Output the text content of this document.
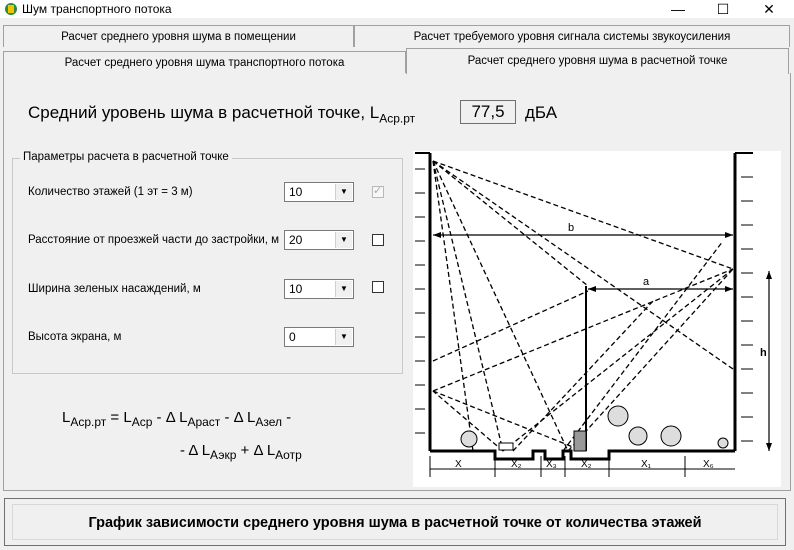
Шум транспортного потока	—	☐	✕
Расчет среднего уровня шума в помещении	Расчет требуемого уровня сигнала системы звукоусиления
Расчет среднего уровня шума транспортного потока	Расчет среднего уровня шума в расчетной точке
Средний уровень шума в расчетной точке, $L_{Аср.рт}$	77,5	дБА
Параметры расчета в расчетной точке
Количество этажей (1 эт = 3 м)	10	▼	✓
Расстояние от проезжей части до застройки, м 20	▼
Ширина зеленых насаждений, м	10	▼
Высота экрана, м	0	▼
$L_{Аср.рт} = L_{Аср} - \Delta$ $L_{Араст}$ - Δ $L_{Азел}$ -
- Δ $L_{Аэкр} + \Delta$ $L_{Аотр}$
b
a
h
X	X₂ X₃ X₂	X₁	X₆
График зависимости среднего уровня шума в расчетной точке от количества этажей
